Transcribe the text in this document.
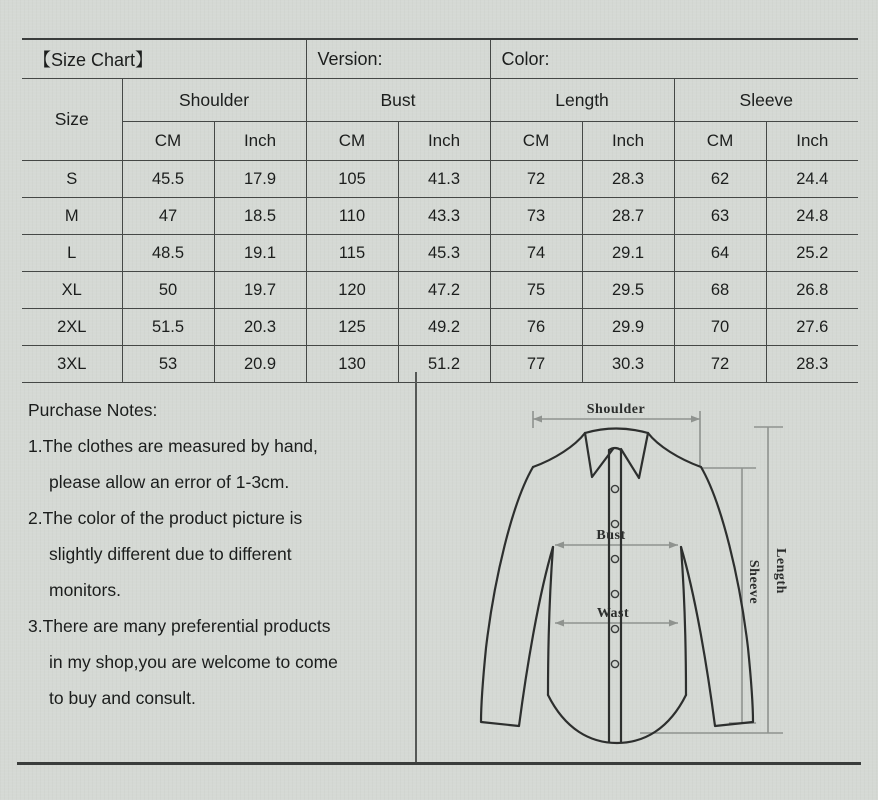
【Size Chart】			Version:		Color:			
Size	Shoulder		Bust		Length		Sleeve	
	CM	Inch	CM	Inch	CM	Inch	CM	Inch
S	45.5	17.9	105	41.3	72	28.3	62	24.4
M	47	18.5	110	43.3	73	28.7	63	24.8
L	48.5	19.1	115	45.3	74	29.1	64	25.2
XL	50	19.7	120	47.2	75	29.5	68	26.8
2XL	51.5	20.3	125	49.2	76	29.9	70	27.6
3XL	53	20.9	130	51.2	77	30.3	72	28.3
Purchase Notes:
1.The clothes are measured by hand,
please allow an error of 1-3cm.
2.The color of the product picture is
slightly different due to different
monitors.
3.There are many preferential products
in my shop,you are welcome to come
to buy and consult.
Shoulder
Bust
Wast
Sheeve Length
